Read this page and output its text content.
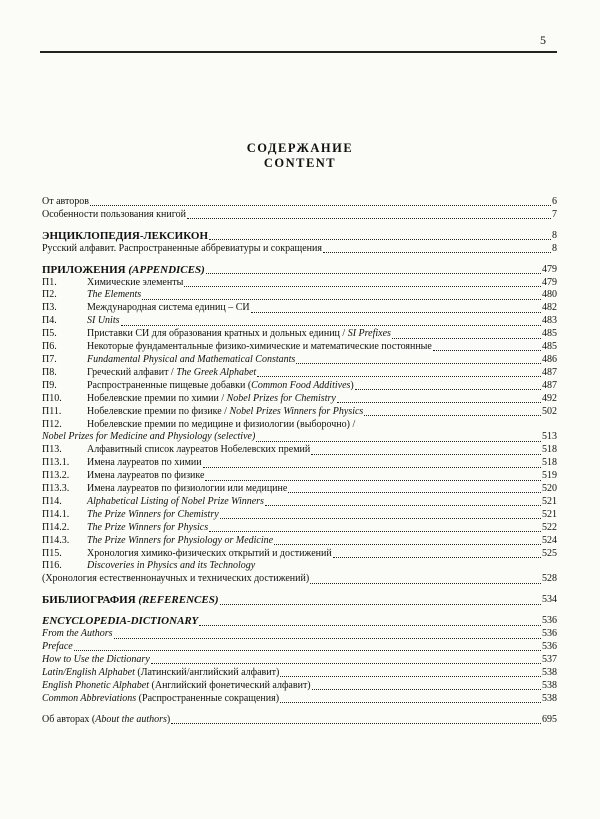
5
СОДЕРЖАНИЕ
CONTENT
От авторов	6
Особенности пользования книгой	7
ЭНЦИКЛОПЕДИЯ-ЛЕКСИКОН	8
Русский алфавит. Распространенные аббревиатуры и сокращения	8
ПРИЛОЖЕНИЯ (APPENDICES)	479
П1.	Химические элементы	479
П2.	The Elements	480
П3.	Международная система единиц – СИ	482
П4.	SI Units	483
П5.	Приставки СИ для образования кратных и дольных единиц / SI Prefixes	485
П6.	Некоторые фундаментальные физико-химические и математические постоянные	485
П7.	Fundamental Physical and Mathematical Constants	486
П8.	Греческий алфавит / The Greek Alphabet	487
П9.	Распространенные пищевые добавки (Common Food Additives)	487
П10.	Нобелевские премии по химии / Nobel Prizes for Chemistry	492
П11.	Нобелевские премии по физике / Nobel Prizes Winners for Physics	502
П12.	Нобелевские премии по медицине и физиологии (выборочно) /
Nobel Prizes for Medicine and Physiology (selective)	513
П13.	Алфавитный список лауреатов Нобелевских премий	518
П13.1.	Имена лауреатов по химии	518
П13.2.	Имена лауреатов по физике	519
П13.3.	Имена лауреатов по физиологии или медицине	520
П14.	Alphabetical Listing of Nobel Prize Winners	521
П14.1.	The Prize Winners for Chemistry	521
П14.2.	The Prize Winners for Physics	522
П14.3.	The Prize Winners for Physiology or Medicine	524
П15.	Хронология химико-физических открытий и достижений	525
П16.	Discoveries in Physics and its Technology
(Хронология естественнонаучных и технических достижений)	528
БИБЛИОГРАФИЯ (REFERENCES)	534
ENCYCLOPEDIA-DICTIONARY	536
From the Authors	536
Preface	536
How to Use the Dictionary	537
Latin/English Alphabet (Латинский/английский алфавит)	538
English Phonetic Alphabet (Английский фонетический алфавит)	538
Common Abbreviations (Распространенные сокращения)	538
Об авторах (About the authors)	695
